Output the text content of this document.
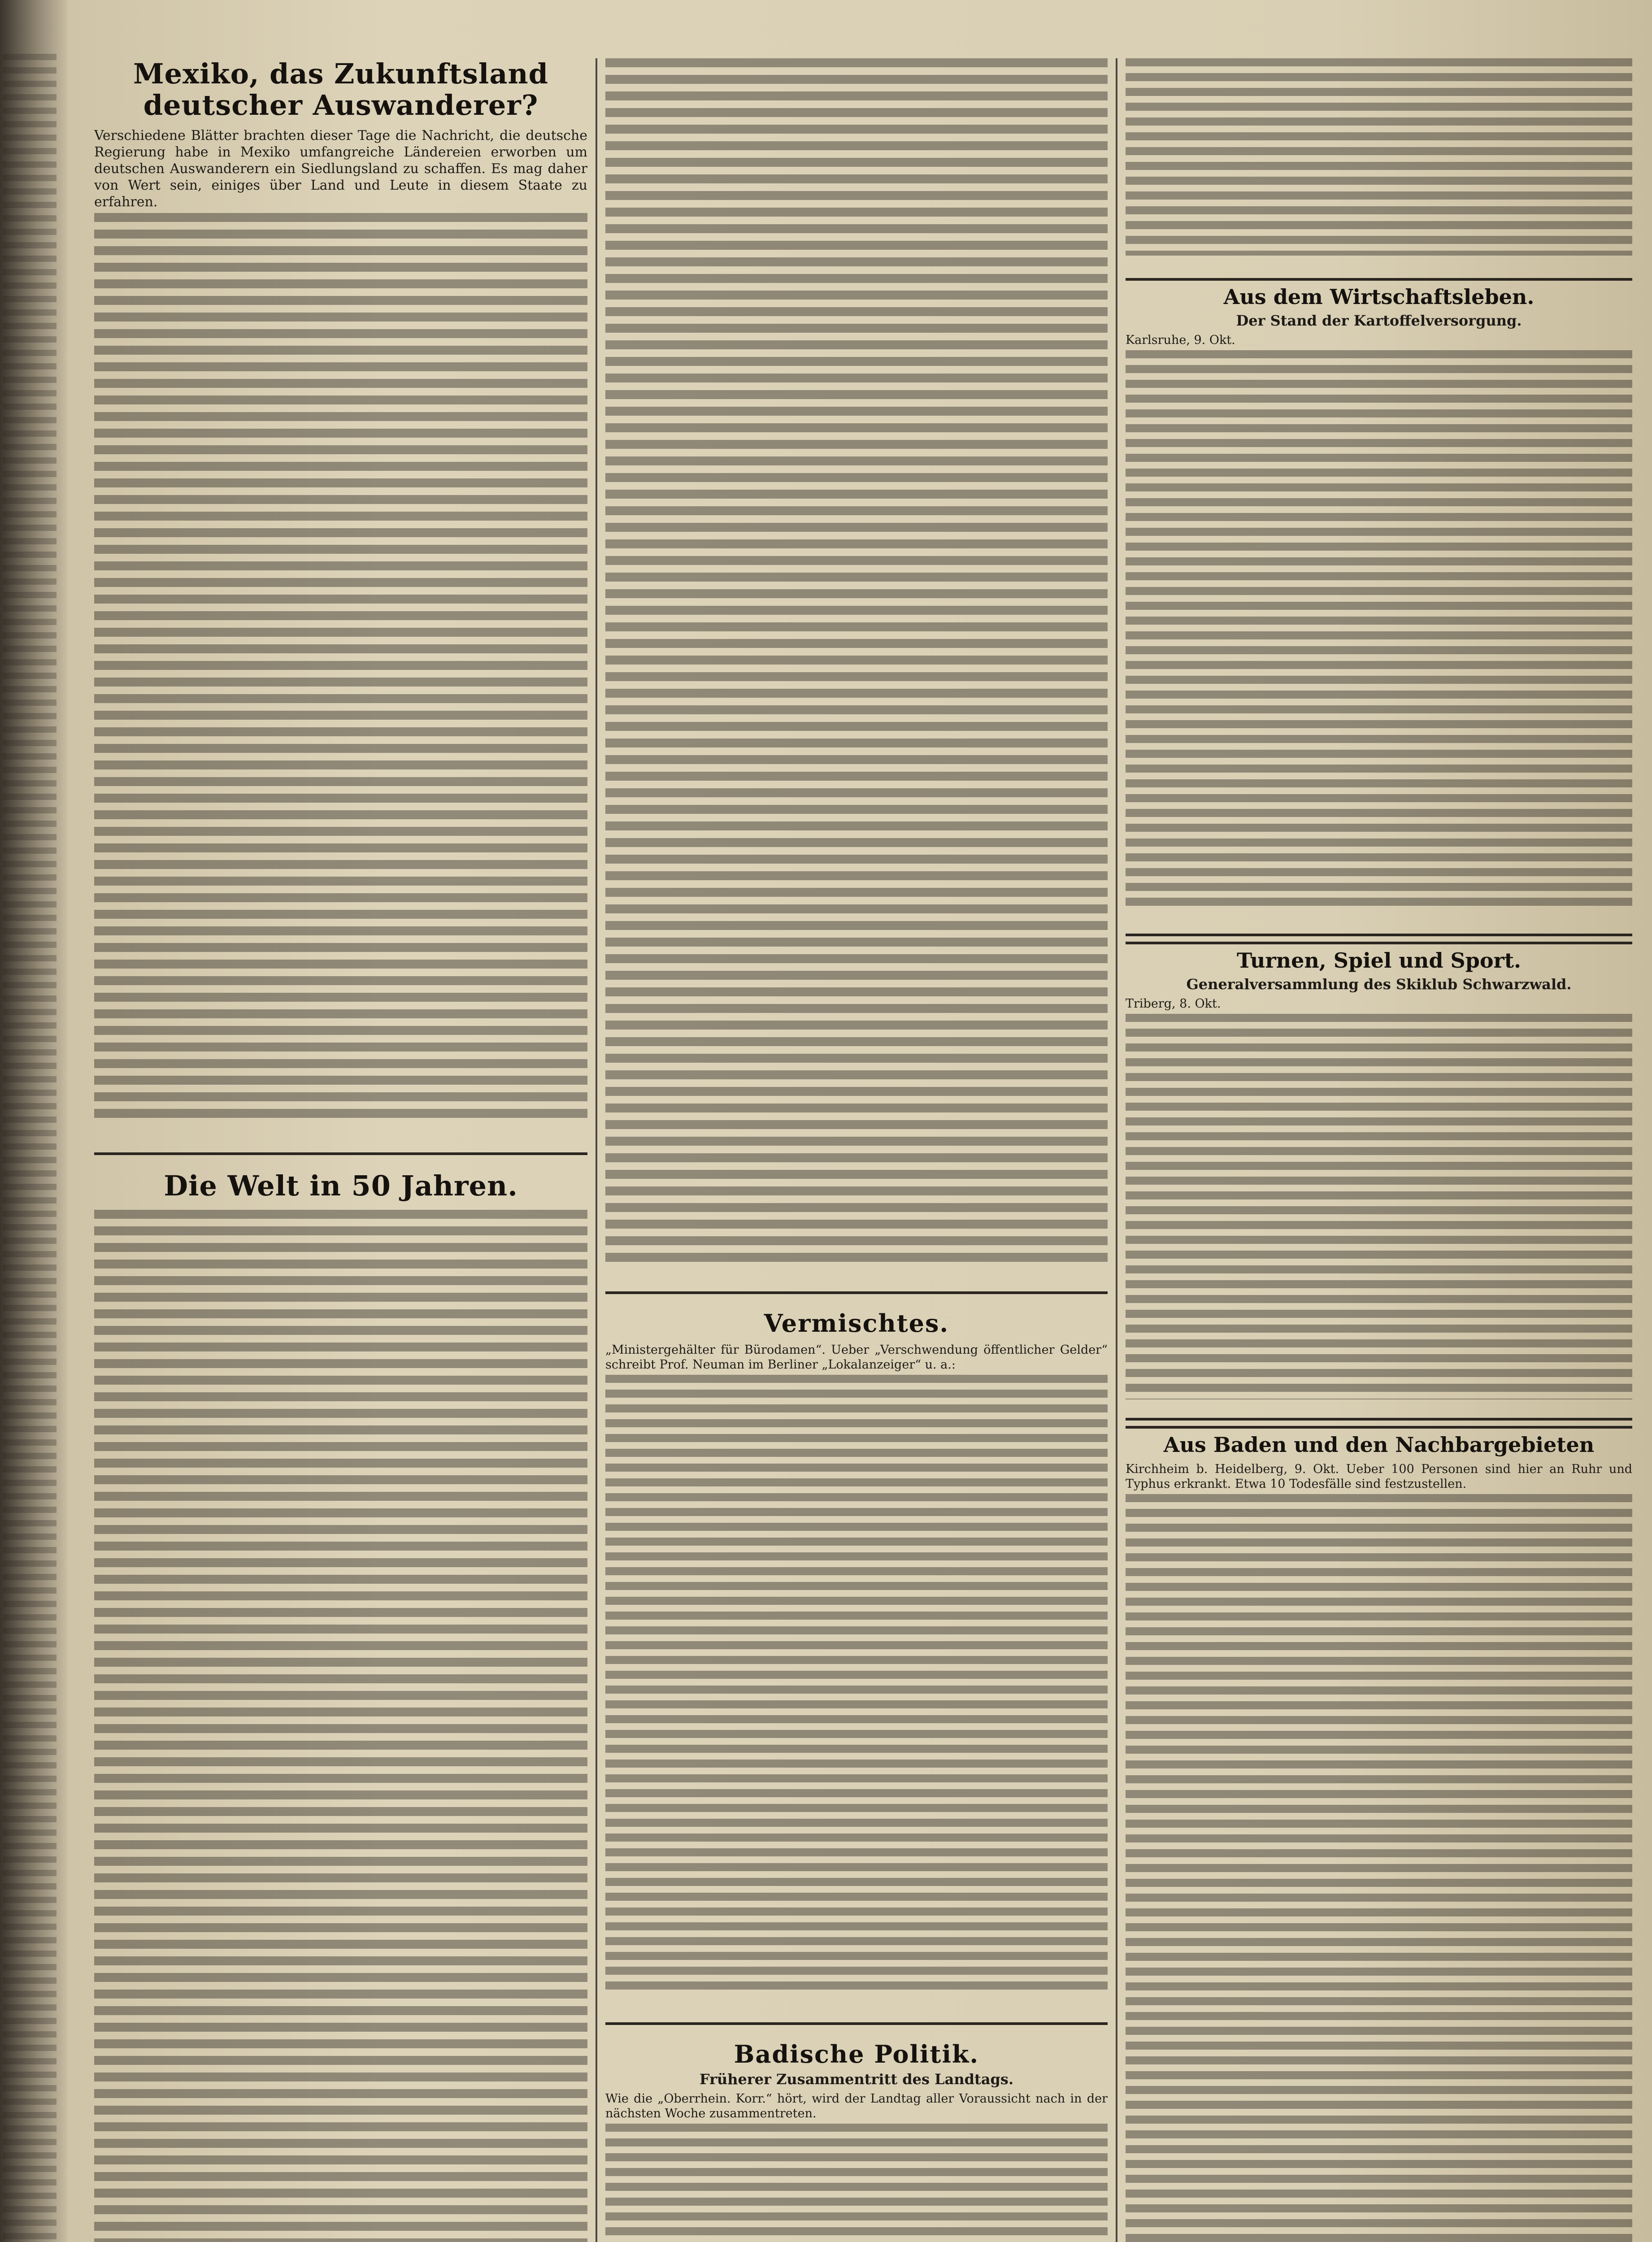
Mexiko, das Zukunftsland deutscher Auswanderer?

Verschiedene Blätter brachten dieser Tage die Nachricht, die deutsche Regierung habe in Mexiko umfangreiche Ländereien erworben um deutschen Auswanderern ein Siedlungsland zu schaffen. Es mag daher von Wert sein, einiges über Land und Leute in diesem Staate zu erfahren.

Die Welt in 50 Jahren.
Vermischtes.

„Ministergehälter für Bürodamen“. Ueber „Verschwendung öffentlicher Gelder“ schreibt Prof. Neuman im Berliner „Lokalanzeiger“ u. a.:

Badische Politik.
Früherer Zusammentritt des Landtags.

Wie die „Oberrhein. Korr.“ hört, wird der Landtag aller Voraussicht nach in der nächsten Woche zusammentreten.

Aus dem Wirtschaftsleben.
Der Stand der Kartoffelversorgung.

Karlsruhe, 9. Okt.

Turnen, Spiel und Sport.
Generalversammlung des Skiklub Schwarzwald.

Triberg, 8. Okt.

Aus Baden und den Nachbargebieten

Kirchheim b. Heidelberg, 9. Okt. Ueber 100 Personen sind hier an Ruhr und Typhus erkrankt. Etwa 10 Todesfälle sind festzustellen.
